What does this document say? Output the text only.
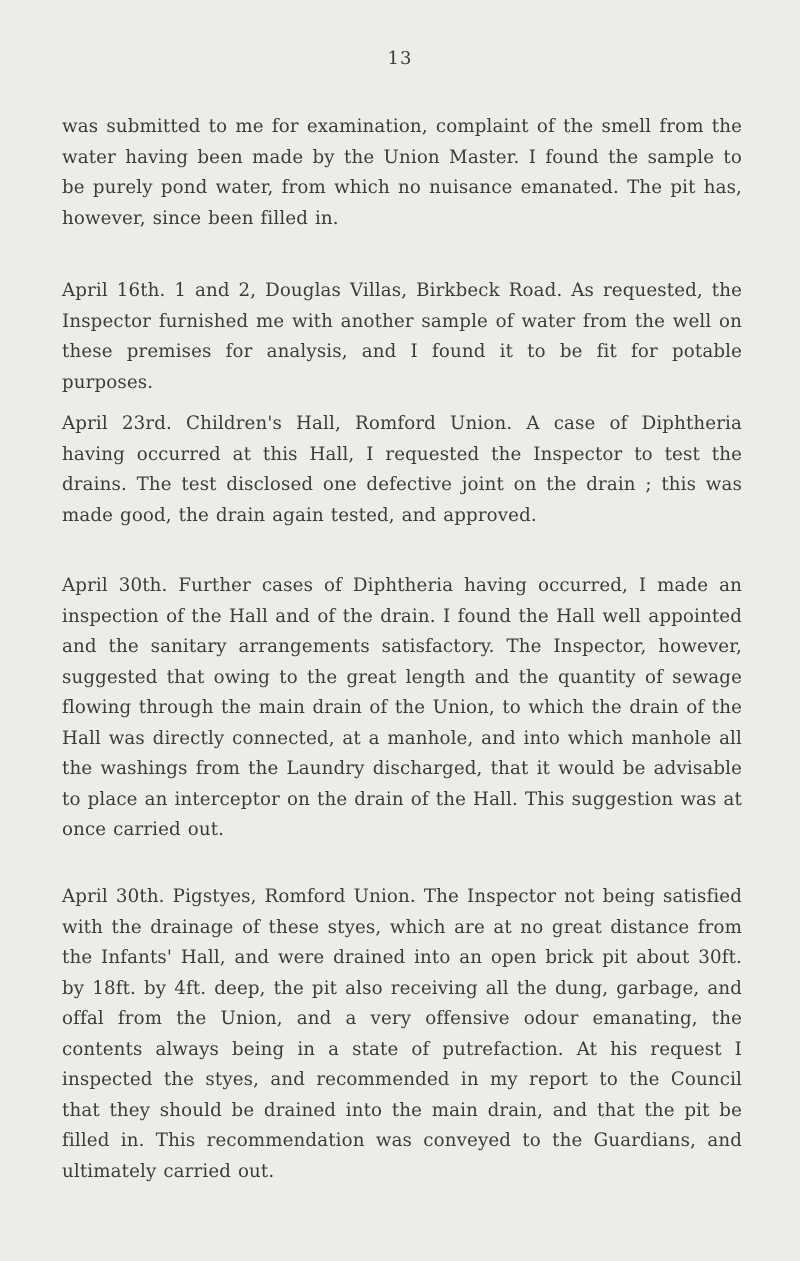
13

was submitted to me for examination, complaint of the smell from the water having been made by the Union Master. I found the sample to be purely pond water, from which no nuisance emanated. The pit has, however, since been filled in.

April 16th. 1 and 2, Douglas Villas, Birkbeck Road. As requested, the Inspector furnished me with another sample of water from the well on these premises for analysis, and I found it to be fit for potable purposes.

April 23rd. Children's Hall, Romford Union. A case of Diphtheria having occurred at this Hall, I requested the Inspector to test the drains. The test disclosed one defective joint on the drain ; this was made good, the drain again tested, and approved.

April 30th. Further cases of Diphtheria having occurred, I made an inspection of the Hall and of the drain. I found the Hall well appointed and the sanitary arrangements satisfactory. The Inspector, however, suggested that owing to the great length and the quantity of sewage flowing through the main drain of the Union, to which the drain of the Hall was directly connected, at a manhole, and into which manhole all the washings from the Laundry discharged, that it would be advisable to place an interceptor on the drain of the Hall. This suggestion was at once carried out.

April 30th. Pigstyes, Romford Union. The Inspector not being satisfied with the drainage of these styes, which are at no great distance from the Infants' Hall, and were drained into an open brick pit about 30ft. by 18ft. by 4ft. deep, the pit also receiving all the dung, garbage, and offal from the Union, and a very offensive odour emanating, the contents always being in a state of putrefaction. At his request I inspected the styes, and recommended in my report to the Council that they should be drained into the main drain, and that the pit be filled in. This recommendation was conveyed to the Guardians, and ultimately carried out.
